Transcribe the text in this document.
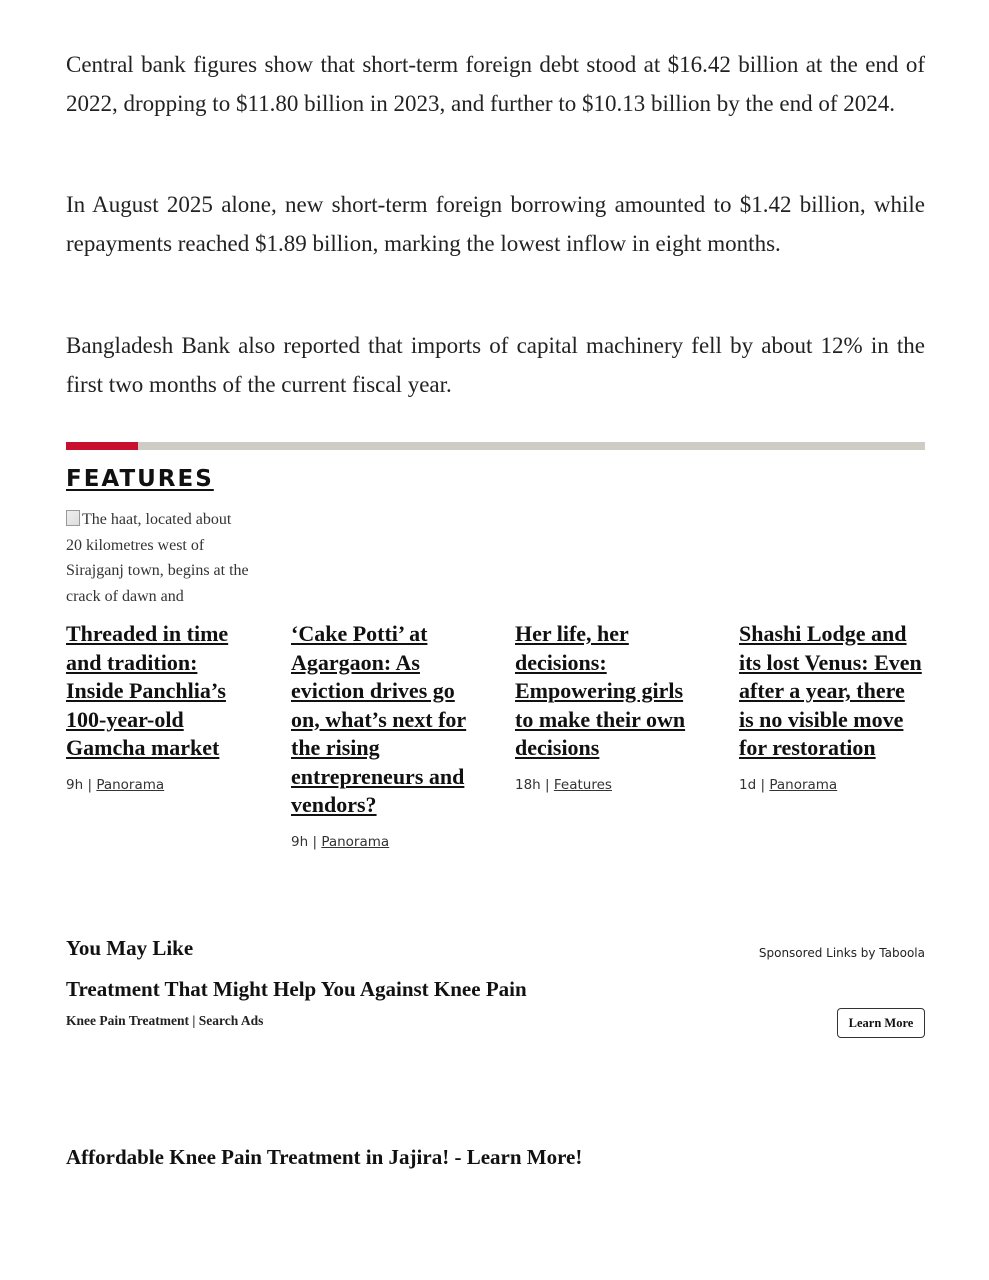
Central bank figures show that short-term foreign debt stood at $16.42 billion at the end of 2022, dropping to $11.80 billion in 2023, and further to $10.13 billion by the end of 2024.

In August 2025 alone, new short-term foreign borrowing amounted to $1.42 billion, while repayments reached $1.89 billion, marking the lowest inflow in eight months.

Bangladesh Bank also reported that imports of capital machinery fell by about 12% in the first two months of the current fiscal year.

FEATURES
The haat, located about 20 kilometres west of Sirajganj town, begins at the crack of dawn and
Threaded in time and tradition: Inside Panchlia’s 100-year-old Gamcha market
9h | Panorama
‘Cake Potti’ at Agargaon: As eviction drives go on, what’s next for the rising entrepreneurs and vendors?
9h | Panorama
Her life, her decisions: Empowering girls to make their own decisions
18h | Features
Shashi Lodge and its lost Venus: Even after a year, there is no visible move for restoration
1d | Panorama
You May Like	Sponsored Links by Taboola
Treatment That Might Help You Against Knee Pain
Knee Pain Treatment | Search Ads	Learn More
Affordable Knee Pain Treatment in Jajira! - Learn More!
